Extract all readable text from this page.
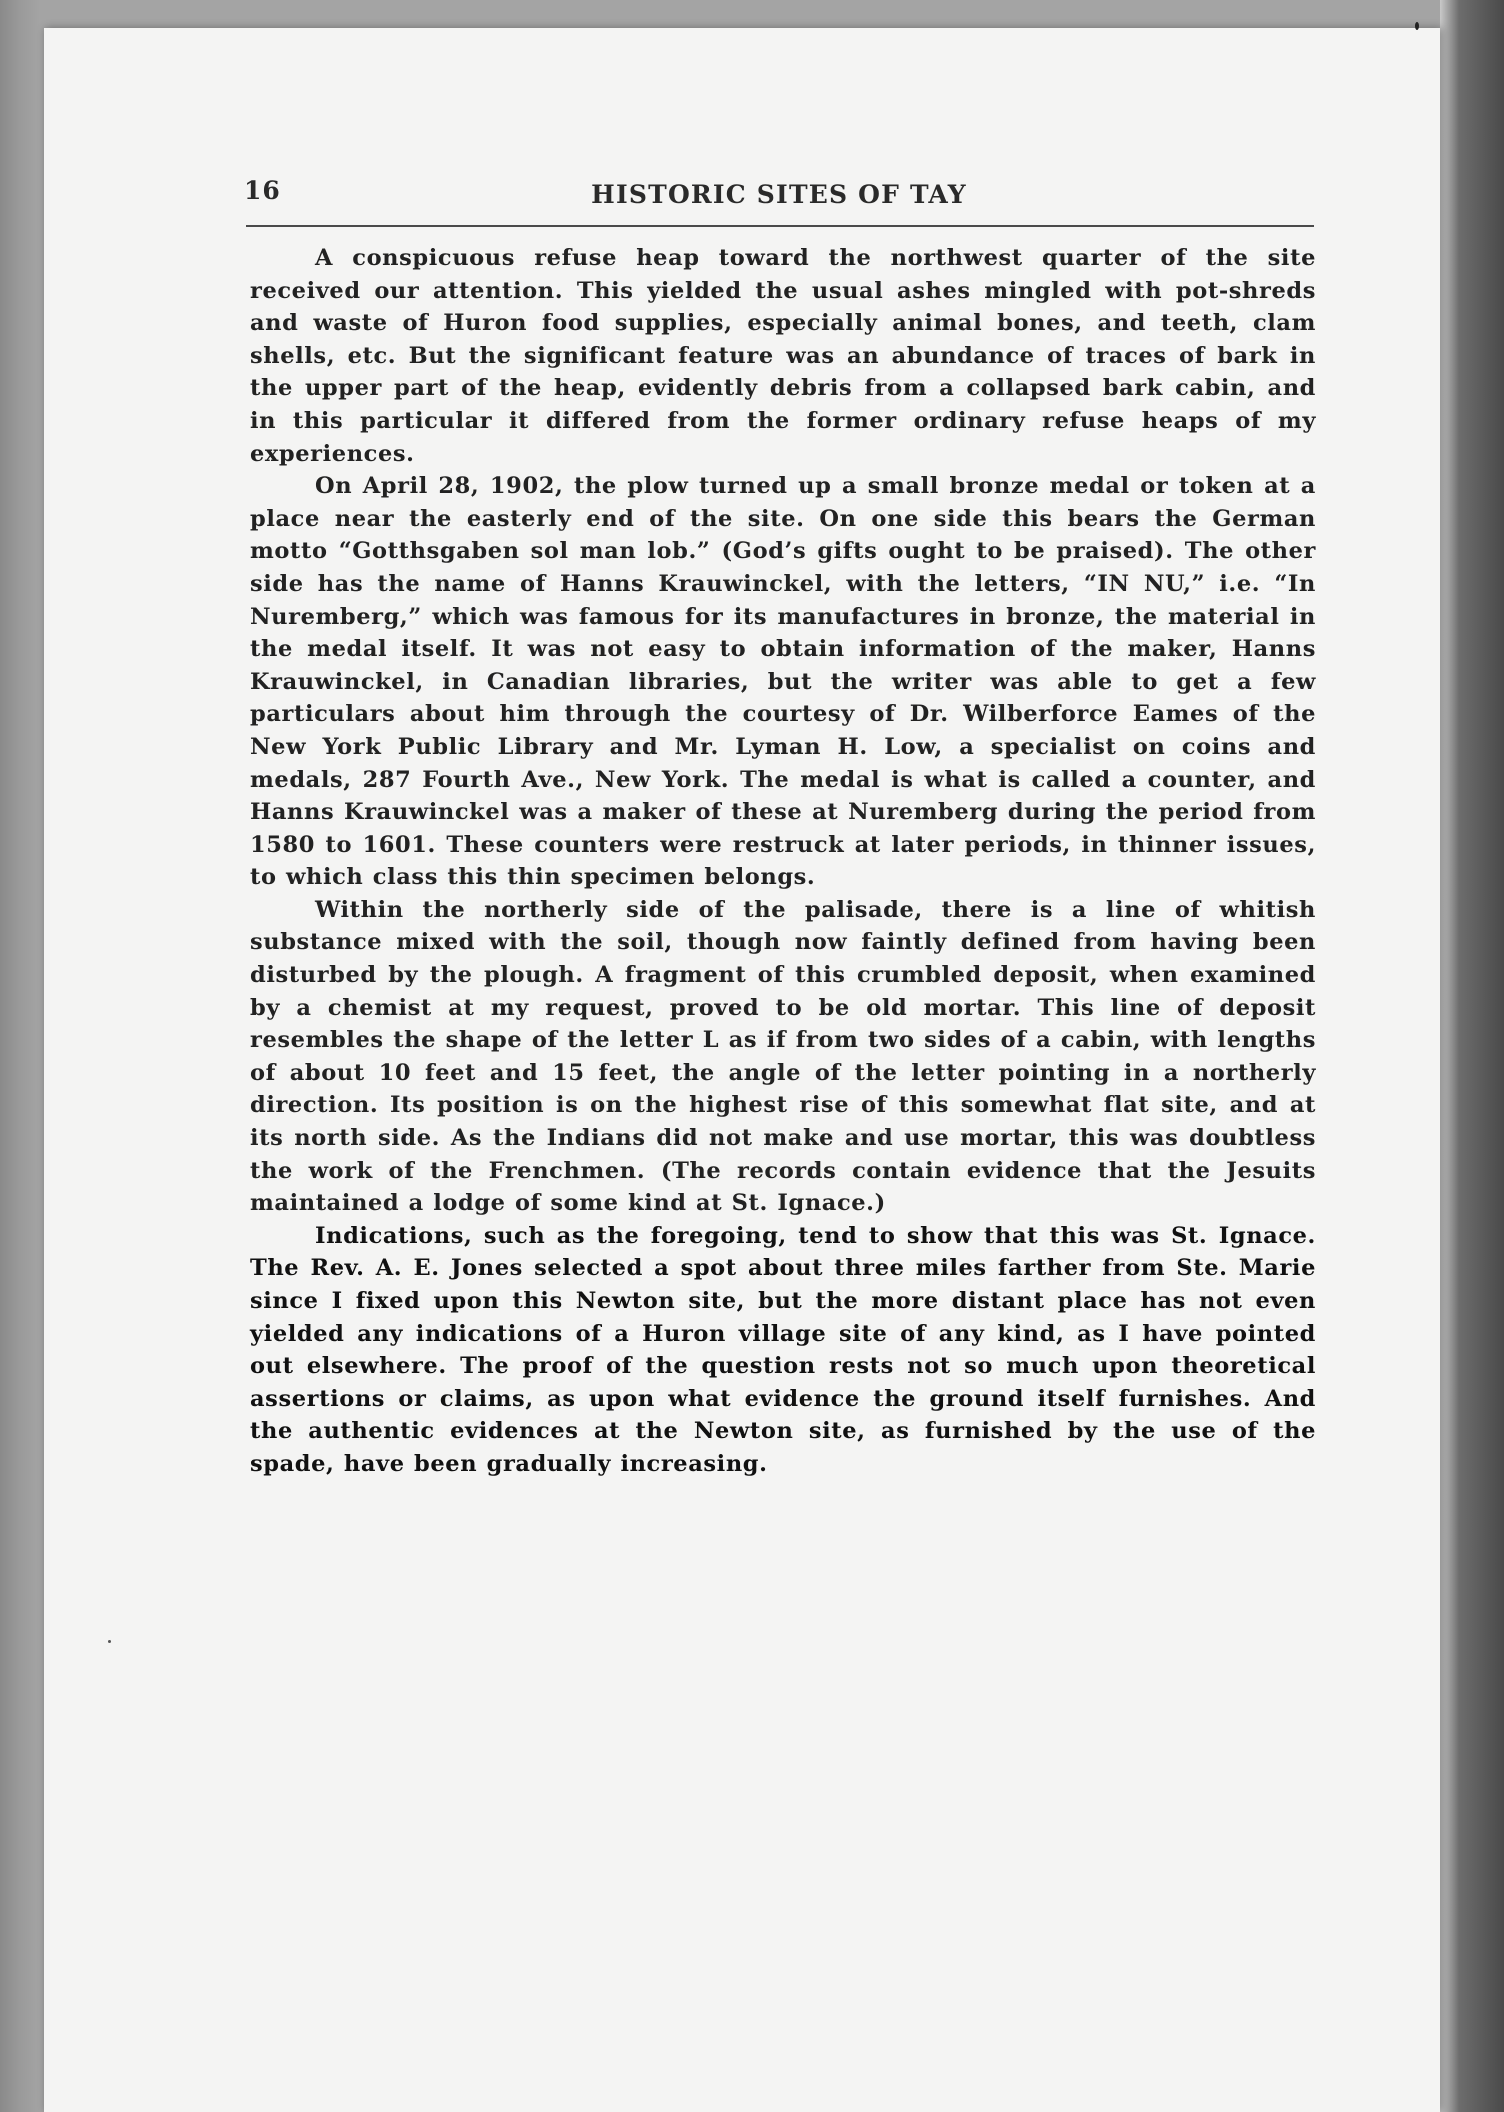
16	HISTORIC SITES OF TAY

A conspicuous refuse heap toward the northwest quarter of the site received our attention. This yielded the usual ashes mingled with pot-shreds and waste of Huron food supplies, especially animal bones, and teeth, clam shells, etc. But the significant feature was an abundance of traces of bark in the upper part of the heap, evidently debris from a collapsed bark cabin, and in this particular it differed from the former ordinary refuse heaps of my experiences.

On April 28, 1902, the plow turned up a small bronze medal or token at a place near the easterly end of the site. On one side this bears the German motto “Gotthsgaben sol man lob.” (God’s gifts ought to be praised). The other side has the name of Hanns Krauwinckel, with the letters, “IN NU,” i.e. “In Nuremberg,” which was famous for its manufactures in bronze, the material in the medal itself. It was not easy to obtain information of the maker, Hanns Krauwinckel, in Canadian libraries, but the writer was able to get a few particulars about him through the courtesy of Dr. Wilberforce Eames of the New York Public Library and Mr. Lyman H. Low, a specialist on coins and medals, 287 Fourth Ave., New York. The medal is what is called a counter, and Hanns Krauwinckel was a maker of these at Nuremberg during the period from 1580 to 1601. These counters were restruck at later periods, in thinner issues, to which class this thin specimen belongs.

Within the northerly side of the palisade, there is a line of whitish substance mixed with the soil, though now faintly defined from having been disturbed by the plough. A fragment of this crumbled deposit, when examined by a chemist at my request, proved to be old mortar. This line of deposit resembles the shape of the letter L as if from two sides of a cabin, with lengths of about 10 feet and 15 feet, the angle of the letter pointing in a northerly direction. Its position is on the highest rise of this somewhat flat site, and at its north side. As the Indians did not make and use mortar, this was doubtless the work of the Frenchmen. (The records contain evidence that the Jesuits maintained a lodge of some kind at St. Ignace.)

Indications, such as the foregoing, tend to show that this was St. Ignace. The Rev. A. E. Jones selected a spot about three miles farther from Ste. Marie since I fixed upon this Newton site, but the more distant place has not even yielded any indications of a Huron village site of any kind, as I have pointed out elsewhere. The proof of the question rests not so much upon theoretical assertions or claims, as upon what evidence the ground itself furnishes. And the authentic evidences at the Newton site, as furnished by the use of the spade, have been gradually increasing.
